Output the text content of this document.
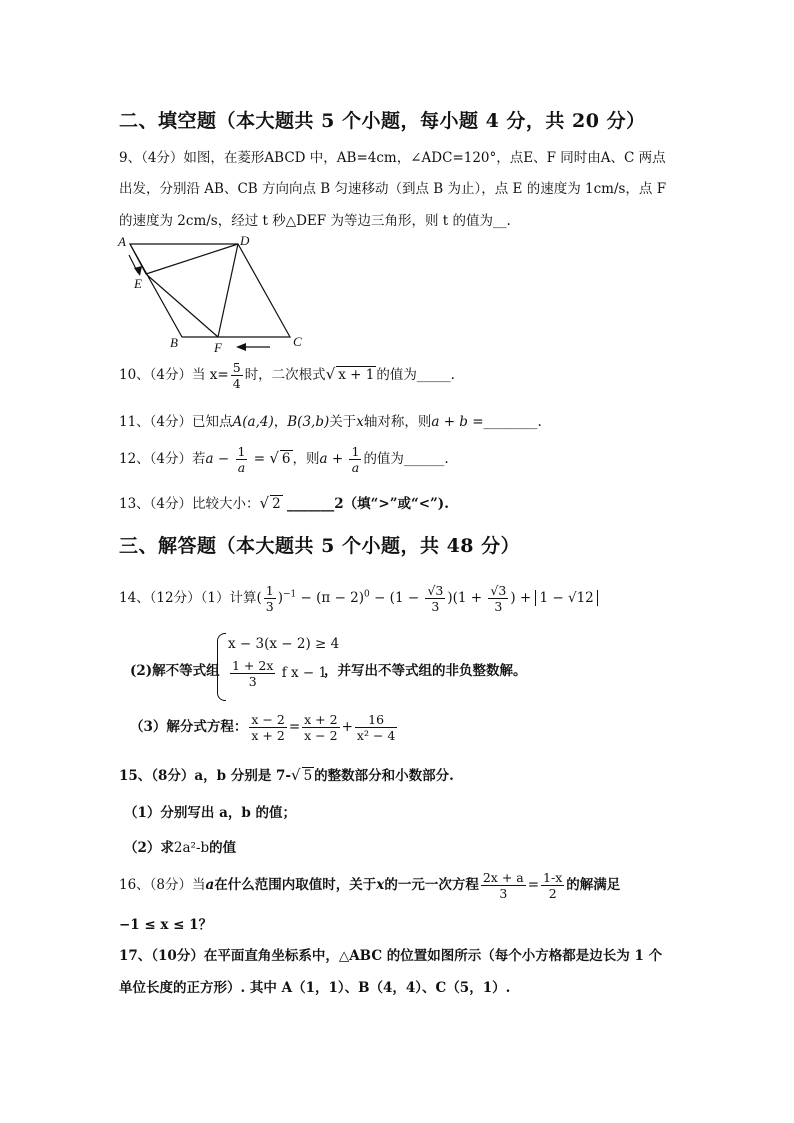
二、填空题（本大题共 5 个小题，每小题 4 分，共 20 分）
9、（4分）如图，在菱形ABCD 中，AB=4cm，∠ADC=120°，点E、F 同时由A、C 两点
出发，分别沿 AB、CB 方向向点 B 匀速移动（到点 B 为止），点 E 的速度为 1cm/s，点 F
的速度为 2cm/s，经过 t 秒△DEF 为等边三角形，则 t 的值为__.
A	D
E
B	F	C
10、（4分）当 $x= \frac{5}{4}$ 时，二次根式√ x + 1 的值为_____.
11、（4分）已知点A(a,4)，B(3,b)关于x轴对称，则a + b =________.
12、（4分）若$a - \frac{1}{a}$ = √ 6 ，则$a + \frac{1}{a}$ 的值为______.
13、（4分）比较大小：√ 2 _______2（填“>”或“<”).
三、解答题（本大题共 5 个小题，共 48 分）
14、（12分）（1）计算( $\frac{1}{3} )^{-1} - (\pi - 2)^0 - (1 - \frac{√3}{3} )(1 + \frac{√3}{3}$ ) + 1 − √12
(2)解不等式组
x − 3(x − 2) ≥ 4
$\frac{1 + 2x}{3}$ f x − 1
，并写出不等式组的非负整数解。
（3）解分式方程： $\frac{x - 2}{x + 2} = \frac{x + 2}{x - 2} + \frac{16}{\text{x² − 4}}$
15、（8分）a，b 分别是 7-√ 5 的整数部分和小数部分.
（1）分别写出 a，b 的值；
（2）求2a²-b的值
16、（8分）当a在什么范围内取值时，关于x的一元一次方程 $\frac{2x + a}{3} = \frac{1-x}{2}$ 的解满足
−1 ≤ x ≤ 1？
17、（10分）在平面直角坐标系中，△ABC 的位置如图所示（每个小方格都是边长为 1 个
单位长度的正方形）. 其中 A（1，1）、B（4，4）、C（5，1）.
